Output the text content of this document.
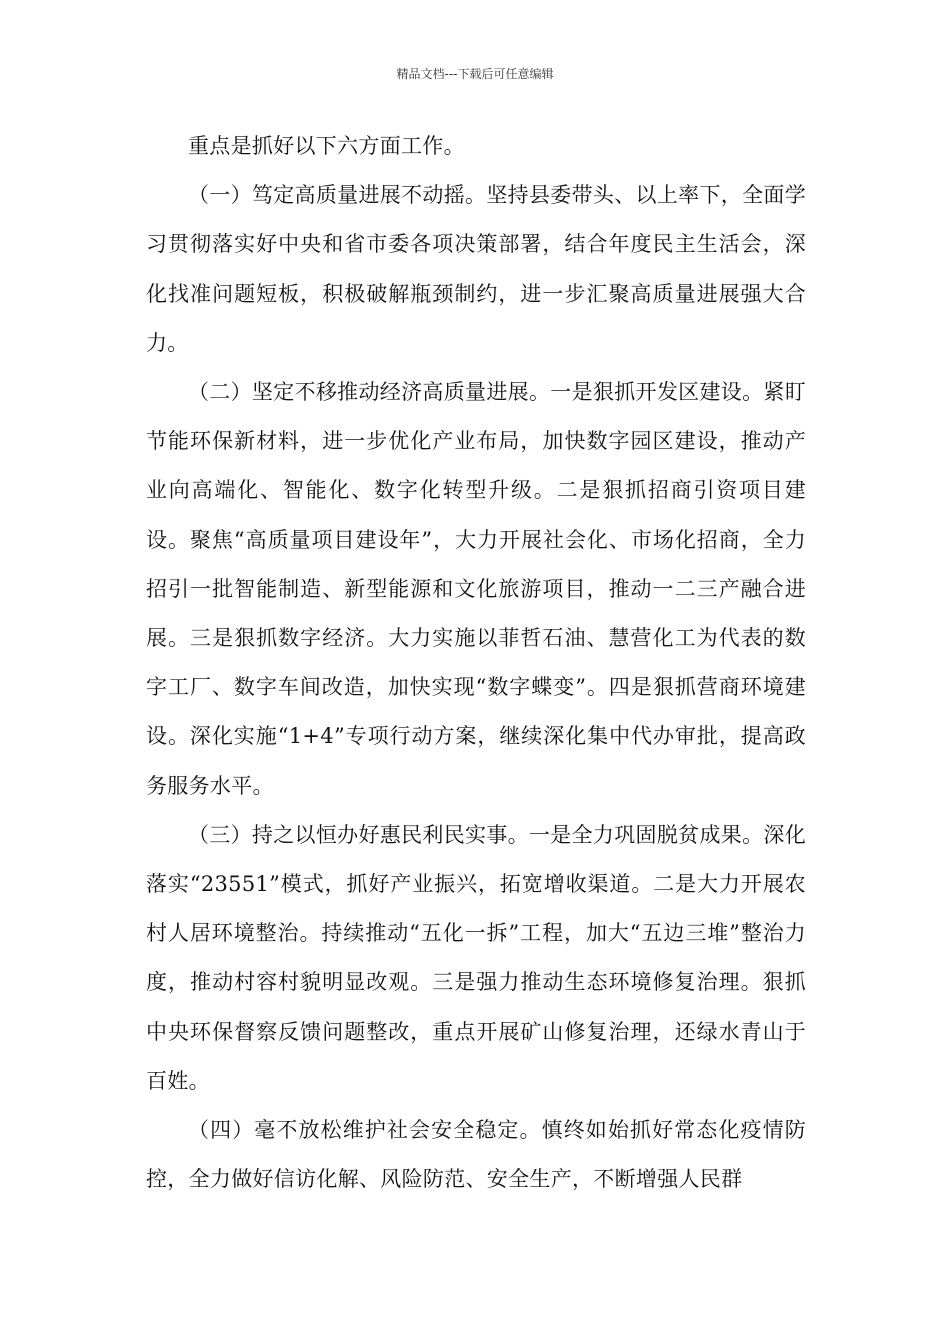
精品文档---下载后可任意编辑

重点是抓好以下六方面工作。

（一）笃定高质量进展不动摇。坚持县委带头、以上率下，全面学习贯彻落实好中央和省市委各项决策部署，结合年度民主生活会，深化找准问题短板，积极破解瓶颈制约，进一步汇聚高质量进展强大合力。

（二）坚定不移推动经济高质量进展。一是狠抓开发区建设。紧盯节能环保新材料，进一步优化产业布局，加快数字园区建设，推动产业向高端化、智能化、数字化转型升级。二是狠抓招商引资项目建设。聚焦“高质量项目建设年”，大力开展社会化、市场化招商，全力招引一批智能制造、新型能源和文化旅游项目，推动一二三产融合进展。三是狠抓数字经济。大力实施以菲哲石油、慧营化工为代表的数字工厂、数字车间改造，加快实现“数字蝶变”。四是狠抓营商环境建设。深化实施“1+4”专项行动方案，继续深化集中代办审批，提高政务服务水平。

（三）持之以恒办好惠民利民实事。一是全力巩固脱贫成果。深化落实“23551”模式，抓好产业振兴，拓宽增收渠道。二是大力开展农村人居环境整治。持续推动“五化一拆”工程，加大“五边三堆”整治力度，推动村容村貌明显改观。三是强力推动生态环境修复治理。狠抓中央环保督察反馈问题整改，重点开展矿山修复治理，还绿水青山于百姓。

（四）毫不放松维护社会安全稳定。慎终如始抓好常态化疫情防控，全力做好信访化解、风险防范、安全生产，不断增强人民群
